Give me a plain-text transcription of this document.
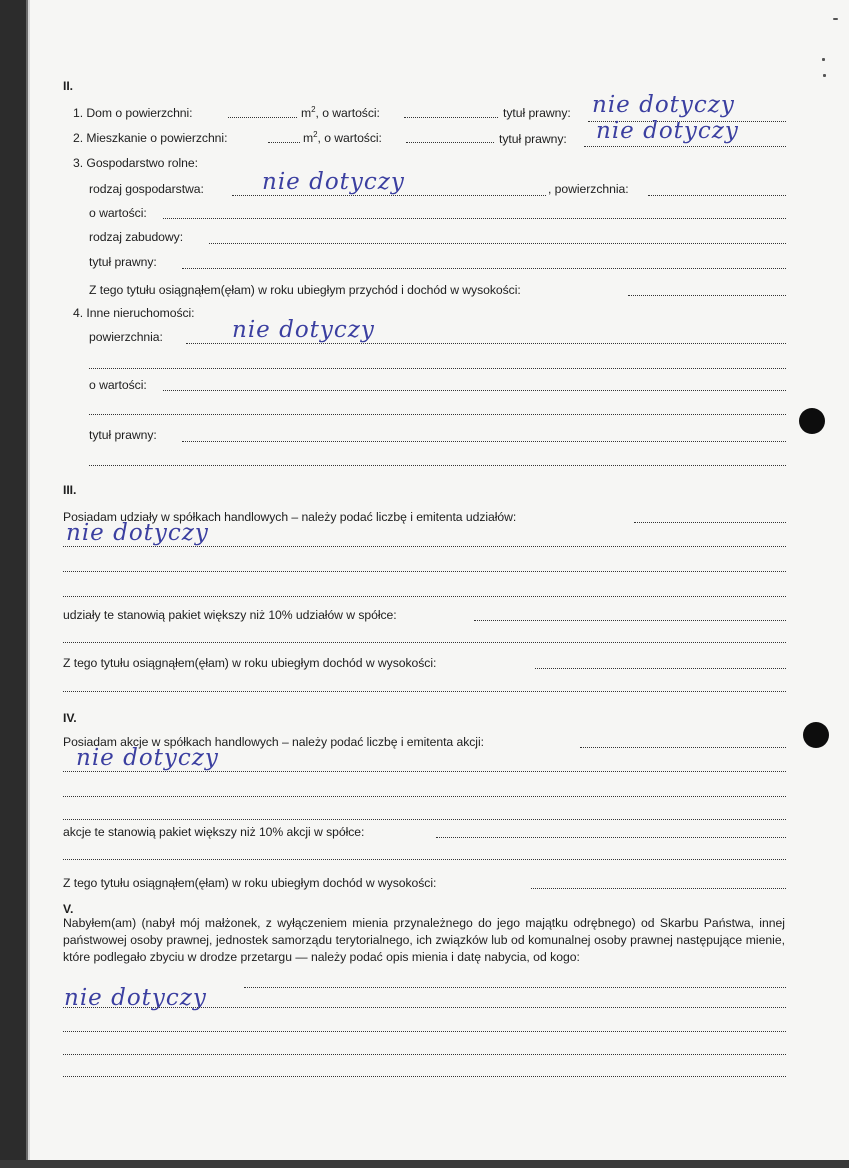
II.
1. Dom o powierzchni:	$m^2$, o wartości:	tytuł prawny: nie dotyczy
2. Mieszkanie o powierzchni:	$m^2$, o wartości:	tytuł prawny: nie dotyczy
3. Gospodarstwo rolne:
rodzaj gospodarstwa:	nie dotyczy	, powierzchnia:
o wartości:
rodzaj zabudowy:
tytuł prawny:
Z tego tytułu osiągnąłem(ęłam) w roku ubiegłym przychód i dochód w wysokości:
4. Inne nieruchomości:
powierzchnia:	nie dotyczy
o wartości:
tytuł prawny:
III.
Posiadam udziały w spółkach handlowych – należy podać liczbę i emitenta udziałów:
nie dotyczy
udziały te stanowią pakiet większy niż 10% udziałów w spółce:
Z tego tytułu osiągnąłem(ęłam) w roku ubiegłym dochód w wysokości:
IV.
Posiadam akcje w spółkach handlowych – należy podać liczbę i emitenta akcji:
nie dotyczy
akcje te stanowią pakiet większy niż 10% akcji w spółce:
Z tego tytułu osiągnąłem(ęłam) w roku ubiegłym dochód w wysokości:
V.
Nabyłem(am) (nabył mój małżonek, z wyłączeniem mienia przynależnego do jego majątku odrębnego) od Skarbu Państwa, innej państwowej osoby prawnej, jednostek samorządu terytorialnego, ich związków lub od komunalnej osoby prawnej następujące mienie, które podlegało zbyciu w drodze przetargu — należy podać opis mienia i datę nabycia, od kogo:
nie dotyczy
